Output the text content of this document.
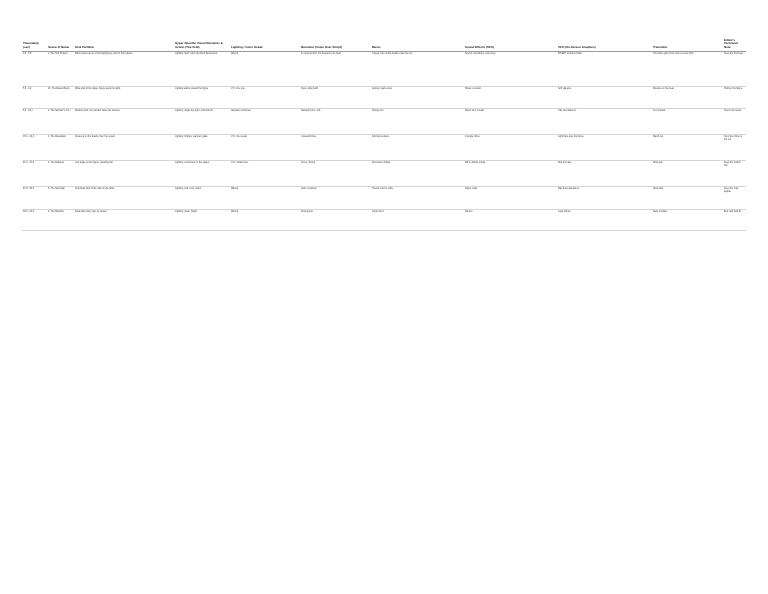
Timestamp (sec)	Scene #/ Name	Grid Partition	Hyper-Specific Visual Elements & Action (The Grid)	Lighting / Color Grade	Narration (Voice Over Script)	Music	Sound Effects (SFX)	VFX (On-Screen Graphics)	Transition	Editor's Technical Note

0.0 - 5.5	1. The Test Chosen	Macro close-up on a hand gripping a card, lit from above.	Lighting: hard, cold, top-down fluorescent.	[Silent]	In opening shot, the frequency we hear...	A deep, low rumble builds under the cut.	Sound: card slides, room tone.	INVERT all frame black.	The frame grid cross cuts to a new shot.	Keep the first beat.

5.5 - 9.2	1b. The Dance Begin	Wide shot of the stage, figure steps into light.	Lighting warms toward the figure.	V.O.: line one.	Quiet, slow build.	Ambient pad enters.	Shoes on wood.	Soft vignette.	Dissolve on the beat.	Hold on the figure.

9.2 - 15.1	2. The Narrator's Turn	Medium shot, the narrator faces the camera.	Lighting: single key light, cold side fill.	Narration continues.	Narrator's line, soft.	Strings rise.	Room tone, breath.	Title card fades in.	Cut to black.	Check mic levels.

15.1 - 22.4	3. The Revelation	Close-up on the hands, then the reveal.	Lighting: brighter, warmer grade.	V.O.: the reveal.	A powerful line.	Full theme plays.	A single chime.	Light flare over the frame.	Match cut.	Sync the chime to the cut.

22.4 - 27.8	4. The Defiance	Low angle on the figure, standing tall.	Lighting: red accent on the edges.	V.O.: defiant line.	Tense, driving.	Percussion builds.	Wind, distant crowd.	Red tint pass.	Whip pan.	Keep the motion blur.

27.8 - 30.6	5. The New Map	Overhead shot of the map on the table.	Lighting: soft, even, warm.	[Silent]	Calm, resolved.	Theme returns softly.	Paper rustle.	Map lines animate in.	Slow fade.	Keep the map legible.

30.6 - 34.0	6. The Manifest	Final wide shot, logo on screen.	Lighting: clean, bright.	[Silent]	Closing line.	Final chord.	Silence.	Logo lockup.	Fade to black.	End card held 2s.
